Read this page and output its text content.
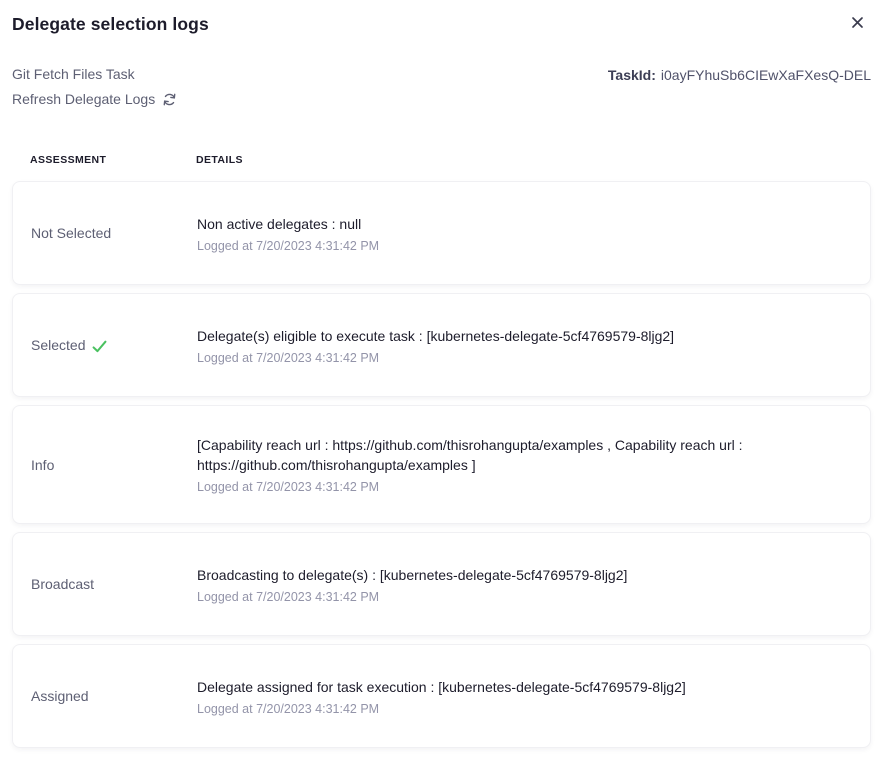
Delegate selection logs
Git Fetch Files Task
Refresh Delegate Logs
TaskId: i0ayFYhuSb6CIEwXaFXesQ-DEL
ASSESSMENT	DETAILS
Not Selected
Non active delegates : null
Logged at 7/20/2023 4:31:42 PM
Selected
Delegate(s) eligible to execute task : [kubernetes-delegate-5cf4769579-8ljg2]
Logged at 7/20/2023 4:31:42 PM
Info
[Capability reach url : https://github.com/thisrohangupta/examples , Capability reach url : https://github.com/thisrohangupta/examples ]
Logged at 7/20/2023 4:31:42 PM
Broadcast
Broadcasting to delegate(s) : [kubernetes-delegate-5cf4769579-8ljg2]
Logged at 7/20/2023 4:31:42 PM
Assigned
Delegate assigned for task execution : [kubernetes-delegate-5cf4769579-8ljg2]
Logged at 7/20/2023 4:31:42 PM
